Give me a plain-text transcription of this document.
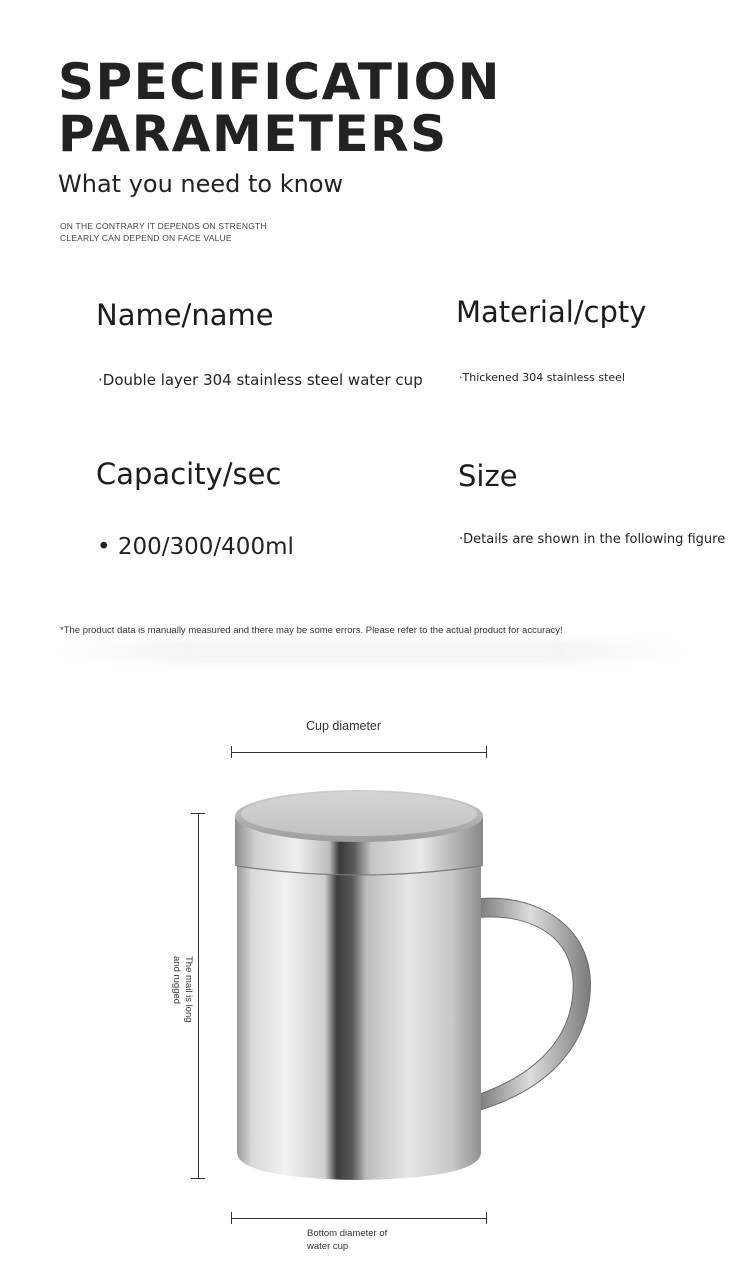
SPECIFICATION
PARAMETERS
What you need to know
ON THE CONTRARY IT DEPENDS ON STRENGTH
CLEARLY CAN DEPEND ON FACE VALUE
Name/name
·Double layer 304 stainless steel water cup
Material/cpty
·Thickened 304 stainless steel
Capacity/sec
• 200/300/400ml
Size
·Details are shown in the following figure
*The product data is manually measured and there may be some errors. Please refer to the actual product for accuracy!
Cup diameter
The mail is long and rugged
Bottom diameter of
water cup
